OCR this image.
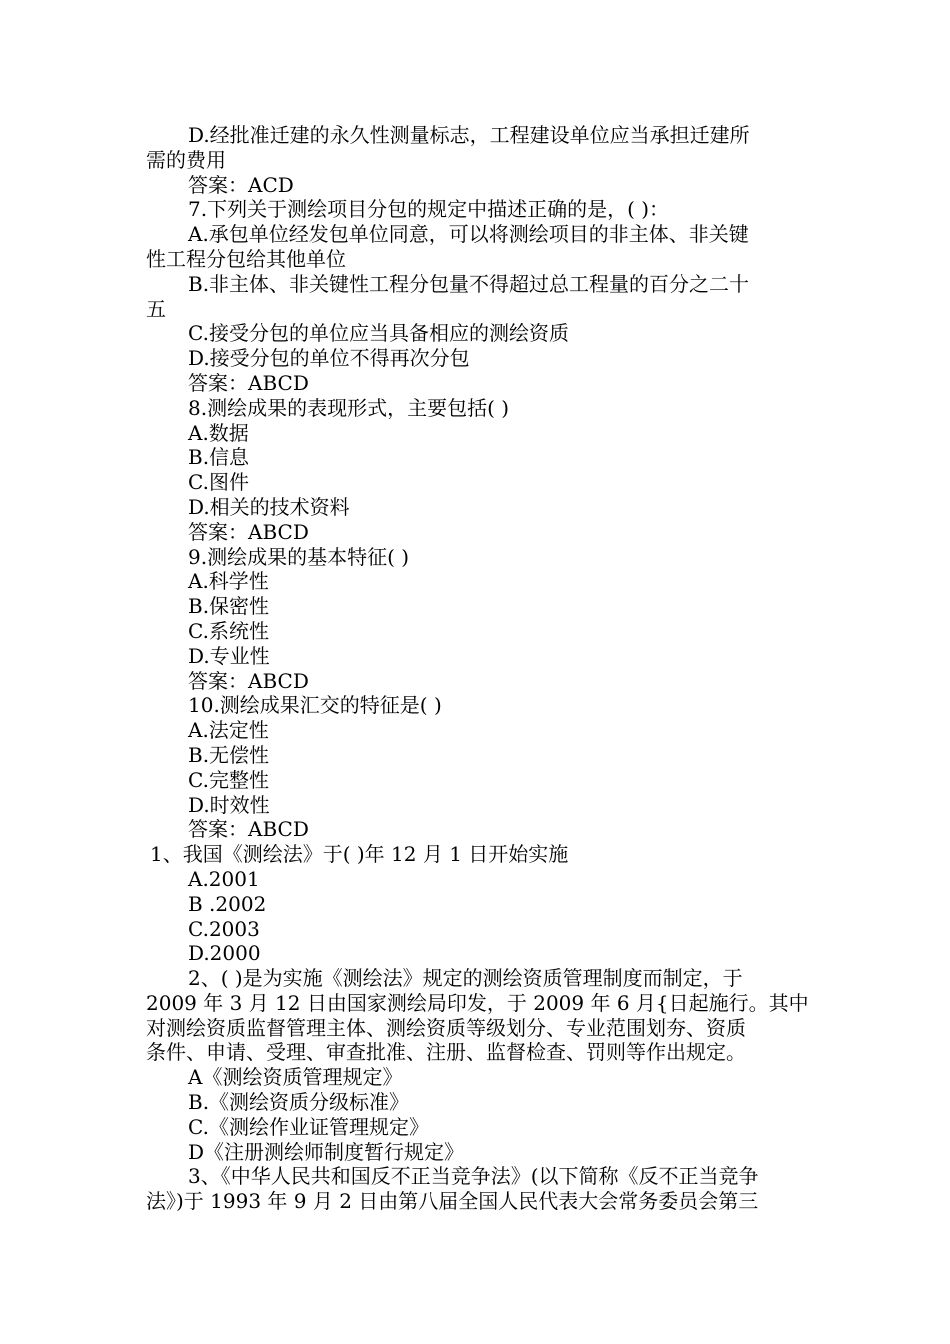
D.经批准迁建的永久性测量标志，工程建设单位应当承担迁建所
需的费用
答案：ACD
7.下列关于测绘项目分包的规定中描述正确的是，( )：
A.承包单位经发包单位同意，可以将测绘项目的非主体、非关键
性工程分包给其他单位
B.非主体、非关键性工程分包量不得超过总工程量的百分之二十
五
C.接受分包的单位应当具备相应的测绘资质
D.接受分包的单位不得再次分包
答案：ABCD
8.测绘成果的表现形式，主要包括( )
A.数据
B.信息
C.图件
D.相关的技术资料
答案：ABCD
9.测绘成果的基本特征( )
A.科学性
B.保密性
C.系统性
D.专业性
答案：ABCD
10.测绘成果汇交的特征是( )
A.法定性
B.无偿性
C.完整性
D.时效性
答案：ABCD
1、我国《测绘法》于( )年 12 月 1 日开始实施
A.2001
B .2002
C.2003
D.2000
2、( )是为实施《测绘法》规定的测绘资质管理制度而制定，于
2009 年 3 月 12 日由国家测绘局印发，于 2009 年 6 月{日起施行。其中
对测绘资质监督管理主体、测绘资质等级划分、专业范围划夯、资质
条件、申请、受理、审查批准、注册、监督检查、罚则等作出规定。
A《测绘资质管理规定》
B.《测绘资质分级标准》
C.《测绘作业证管理规定》
D《注册测绘师制度暂行规定》
3、《中华人民共和国反不正当竞争法》(以下简称《反不正当竞争
法》)于 1993 年 9 月 2 日由第八届全国人民代表大会常务委员会第三
